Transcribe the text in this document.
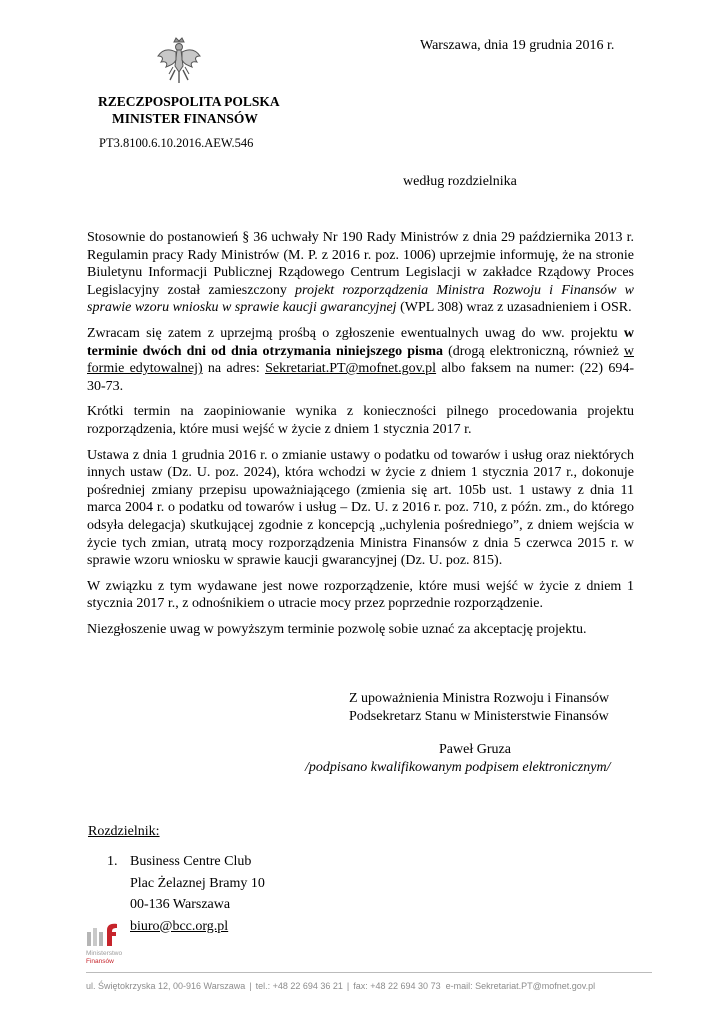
Warszawa, dnia 19 grudnia 2016 r.
RZECZPOSPOLITA POLSKA
MINISTER FINANSÓW
PT3.8100.6.10.2016.AEW.546
według rozdzielnika

Stosownie do postanowień § 36 uchwały Nr 190 Rady Ministrów z dnia 29 października 2013 r. Regulamin pracy Rady Ministrów (M. P. z 2016 r. poz. 1006) uprzejmie informuję, że na stronie Biuletynu Informacji Publicznej Rządowego Centrum Legislacji w zakładce Rządowy Proces Legislacyjny został zamieszczony projekt rozporządzenia Ministra Rozwoju i Finansów w sprawie wzoru wniosku w sprawie kaucji gwarancyjnej (WPL 308) wraz z uzasadnieniem i OSR.

Zwracam się zatem z uprzejmą prośbą o zgłoszenie ewentualnych uwag do ww. projektu w terminie dwóch dni od dnia otrzymania niniejszego pisma (drogą elektroniczną, również w formie edytowalnej) na adres: Sekretariat.PT@mofnet.gov.pl albo faksem na numer: (22) 694-30-73.

Krótki termin na zaopiniowanie wynika z konieczności pilnego procedowania projektu rozporządzenia, które musi wejść w życie z dniem 1 stycznia 2017 r.

Ustawa z dnia 1 grudnia 2016 r. o zmianie ustawy o podatku od towarów i usług oraz niektórych innych ustaw (Dz. U. poz. 2024), która wchodzi w życie z dniem 1 stycznia 2017 r., dokonuje pośredniej zmiany przepisu upoważniającego (zmienia się art. 105b ust. 1 ustawy z dnia 11 marca 2004 r. o podatku od towarów i usług – Dz. U. z 2016 r. poz. 710, z późn. zm., do którego odsyła delegacja) skutkującej zgodnie z koncepcją „uchylenia pośredniego”, z dniem wejścia w życie tych zmian, utratą mocy rozporządzenia Ministra Finansów z dnia 5 czerwca 2015 r. w sprawie wzoru wniosku w sprawie kaucji gwarancyjnej (Dz. U. poz. 815).

W związku z tym wydawane jest nowe rozporządzenie, które musi wejść w życie z dniem 1 stycznia 2017 r., z odnośnikiem o utracie mocy przez poprzednie rozporządzenie.

Niezgłoszenie uwag w powyższym terminie pozwolę sobie uznać za akceptację projektu.

Z upoważnienia Ministra Rozwoju i Finansów
Podsekretarz Stanu w Ministerstwie Finansów
Paweł Gruza
/podpisano kwalifikowanym podpisem elektronicznym/
Rozdzielnik:
1. Business Centre Club
Plac Żelaznej Bramy 10
00-136 Warszawa
biuro@bcc.org.pl
Ministerstwo
Finansów
ul. Świętokrzyska 12, 00-916 Warszawa | tel.: +48 22 694 36 21 | fax: +48 22 694 30 73 e-mail: Sekretariat.PT@mofnet.gov.pl
